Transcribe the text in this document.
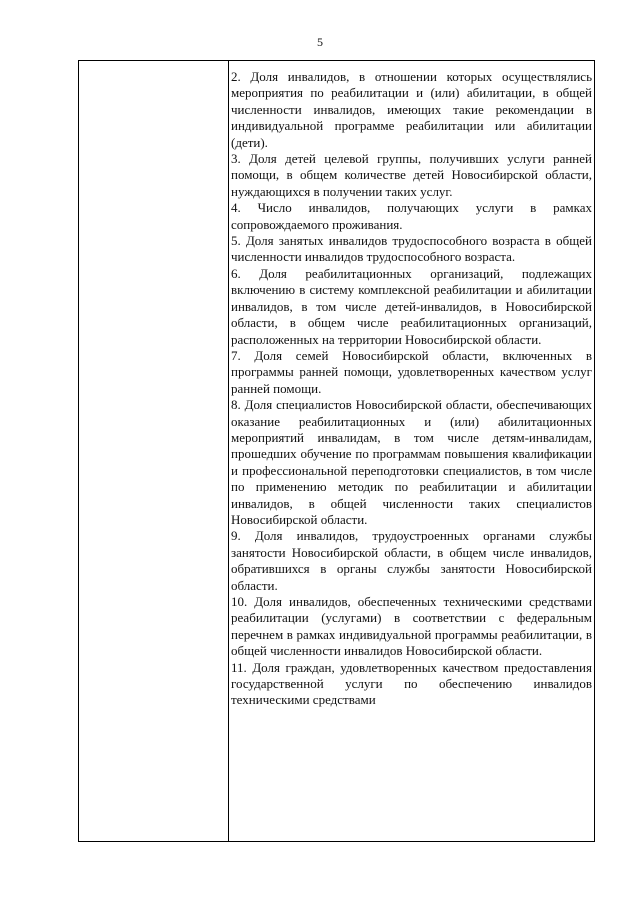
5

2. Доля инвалидов, в отношении которых осуществлялись мероприятия по реабилитации и (или) абилитации, в общей численности инвалидов, имеющих такие рекомендации в индивидуальной программе реабилитации или абилитации (дети).

3. Доля детей целевой группы, получивших услуги ранней помощи, в общем количестве детей Новосибирской области, нуждающихся в получении таких услуг.

4. Число инвалидов, получающих услуги в рамках сопровождаемого проживания.

5. Доля занятых инвалидов трудоспособного возраста в общей численности инвалидов трудоспособного возраста.

6. Доля реабилитационных организаций, подлежащих включению в систему комплексной реабилитации и абилитации инвалидов, в том числе детей-инвалидов, в Новосибирской области, в общем числе реабилитационных организаций, расположенных на территории Новосибирской области.

7. Доля семей Новосибирской области, включенных в программы ранней помощи, удовлетворенных качеством услуг ранней помощи.

8. Доля специалистов Новосибирской области, обеспечивающих оказание реабилитационных и (или) абилитационных мероприятий инвалидам, в том числе детям-инвалидам, прошедших обучение по программам повышения квалификации и профессиональной переподготовки специалистов, в том числе по применению методик по реабилитации и абилитации инвалидов, в общей численности таких специалистов Новосибирской области.

9. Доля инвалидов, трудоустроенных органами службы занятости Новосибирской области, в общем числе инвалидов, обратившихся в органы службы занятости Новосибирской области.

10. Доля инвалидов, обеспеченных техническими средствами реабилитации (услугами) в соответствии с федеральным перечнем в рамках индивидуальной программы реабилитации, в общей численности инвалидов Новосибирской области.

11. Доля граждан, удовлетворенных качеством предоставления государственной услуги по обеспечению инвалидов техническими средствами
